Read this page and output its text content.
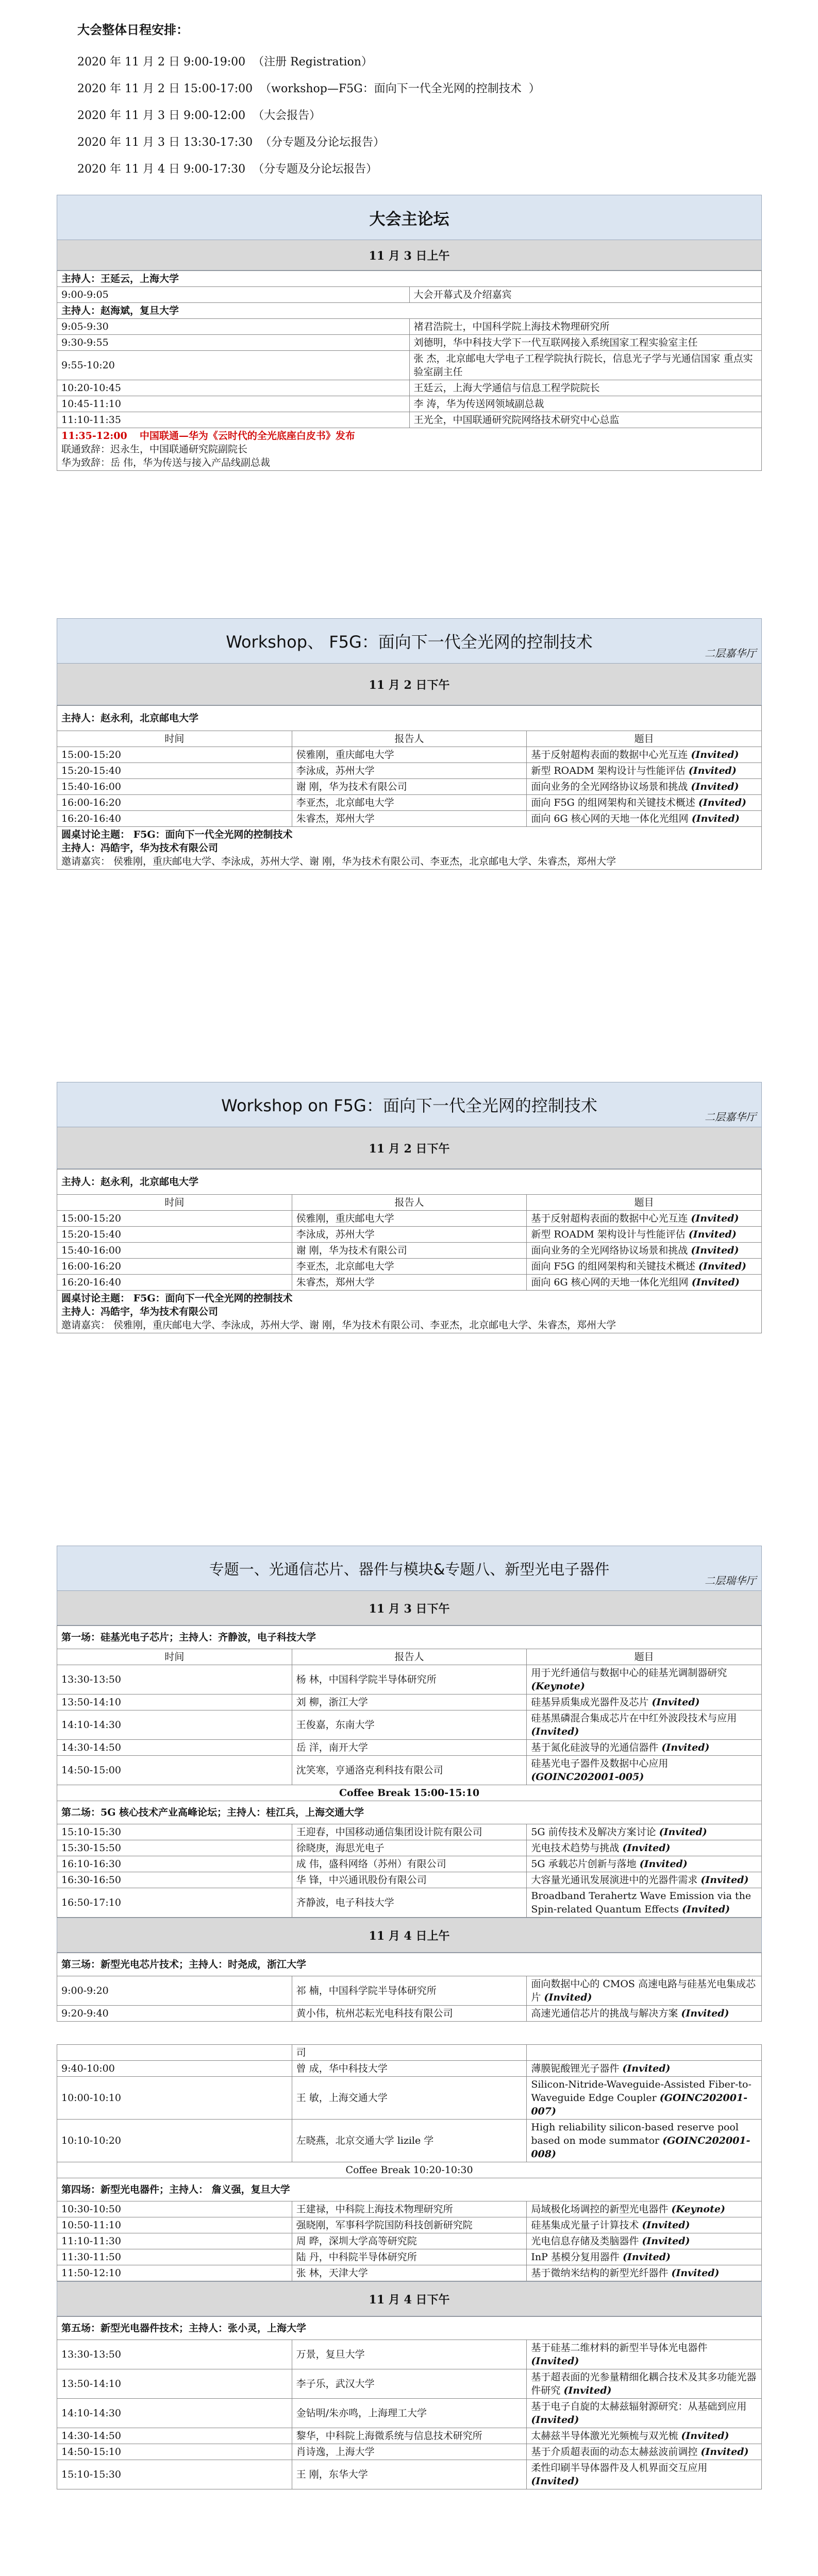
大会整体日程安排：
2020 年 11 月 2 日 9:00-19:00  （注册 Registration）
2020 年 11 月 2 日 15:00-17:00  （workshop—F5G：面向下一代全光网的控制技术  ）
2020 年 11 月 3 日 9:00-12:00  （大会报告）
2020 年 11 月 3 日 13:30-17:30  （分专题及分论坛报告）
2020 年 11 月 4 日 9:00-17:30  （分专题及分论坛报告）
大会主论坛
11 月 3 日上午
主持人：王延云，上海大学	
9:00-9:05	大会开幕式及介绍嘉宾
主持人：赵海斌，复旦大学	
9:05-9:30	褚君浩院士，中国科学院上海技术物理研究所
9:30-9:55	刘德明，华中科技大学下一代互联网接入系统国家工程实验室主任
9:55-10:20	张 杰，北京邮电大学电子工程学院执行院长，信息光子学与光通信国家 重点实验室副主任
10:20-10:45	王廷云，上海大学通信与信息工程学院院长
10:45-11:10	李 涛，华为传送网领域副总裁
11:10-11:35	王光全，中国联通研究院网络技术研究中心总监
11:35-12:00 中国联通—华为《云时代的全光底座白皮书》发布
联通致辞：迟永生，中国联通研究院副院长
华为致辞：岳 伟，华为传送与接入产品线副总裁	
Workshop、 F5G：面向下一代全光网的控制技术
二层嘉华厅
11 月 2 日下午
主持人：赵永利，北京邮电大学		
时间	报告人	题目
15:00-15:20	侯雅刚，重庆邮电大学	基于反射超构表面的数据中心光互连 (Invited)
15:20-15:40	李泳成，苏州大学	新型 ROADM 架构设计与性能评估 (Invited)
15:40-16:00	谢 刚，华为技术有限公司	面向业务的全光网络协议场景和挑战 (Invited)
16:00-16:20	李亚杰，北京邮电大学	面向 F5G 的组网架构和关键技术概述 (Invited)
16:20-16:40	朱睿杰，郑州大学	面向 6G 核心网的天地一体化光组网 (Invited)

圆桌讨论主题： F5G：面向下一代全光网的控制技术
主持人：冯皓宇，华为技术有限公司
邀请嘉宾： 侯雅刚，重庆邮电大学、李泳成，苏州大学、谢 刚，华为技术有限公司、李亚杰，北京邮电大学、朱睿杰，郑州大学		
Workshop on F5G：面向下一代全光网的控制技术
二层嘉华厅
11 月 2 日下午
主持人：赵永利，北京邮电大学		
时间	报告人	题目
15:00-15:20	侯雅刚，重庆邮电大学	基于反射超构表面的数据中心光互连 (Invited)
15:20-15:40	李泳成，苏州大学	新型 ROADM 架构设计与性能评估 (Invited)
15:40-16:00	谢 刚，华为技术有限公司	面向业务的全光网络协议场景和挑战 (Invited)
16:00-16:20	李亚杰，北京邮电大学	面向 F5G 的组网架构和关键技术概述 (Invited)
16:20-16:40	朱睿杰，郑州大学	面向 6G 核心网的天地一体化光组网 (Invited)

圆桌讨论主题： F5G：面向下一代全光网的控制技术
主持人：冯皓宇，华为技术有限公司
邀请嘉宾： 侯雅刚，重庆邮电大学、李泳成，苏州大学、谢 刚，华为技术有限公司、李亚杰，北京邮电大学、朱睿杰，郑州大学		
专题一、光通信芯片、器件与模块&专题八、新型光电子器件
二层瑞华厅
11 月 3 日下午
第一场：硅基光电子芯片；主持人：齐静波，电子科技大学		
时间	报告人	题目
13:30-13:50	杨 林，中国科学院半导体研究所	用于光纤通信与数据中心的硅基光调制器研究 (Keynote)
13:50-14:10	刘 柳，浙江大学	硅基异质集成光器件及芯片 (Invited)
14:10-14:30	王俊嘉，东南大学	硅基黑磷混合集成芯片在中红外波段技术与应用 (Invited)
14:30-14:50	岳 洋，南开大学	基于氮化硅波导的光通信器件 (Invited)
14:50-15:00	沈笑寒，亨通洛克利科技有限公司	硅基光电子器件及数据中心应用 (GOINC202001-005)
Coffee Break 15:00-15:10		
第二场：5G 核心技术产业高峰论坛；主持人：桂江兵，上海交通大学		
15:10-15:30	王迎春，中国移动通信集团设计院有限公司	5G 前传技术及解决方案讨论 (Invited)
15:30-15:50	徐晓庚，海思光电子	光电技术趋势与挑战 (Invited)
16:10-16:30	成 伟，盛科网络（苏州）有限公司	5G 承载芯片创新与落地 (Invited)
16:30-16:50	华 锋，中兴通讯股份有限公司	大容量光通讯发展演进中的光器件需求 (Invited)
16:50-17:10	齐静波，电子科技大学	Broadband Terahertz Wave Emission via the Spin-related Quantum Effects (Invited)
11 月 4 日上午
第三场：新型光电芯片技术；主持人：时尧成，浙江大学		
9:00-9:20	祁 楠，中国科学院半导体研究所	面向数据中心的 CMOS 高速电路与硅基光电集成芯片 (Invited)
9:20-9:40	黄小伟，杭州芯耘光电科技有限公司	高速光通信芯片的挑战与解决方案 (Invited)

	司	
9:40-10:00	曾 成，华中科技大学	薄膜铌酸锂光子器件 (Invited)
10:00-10:10	王 敏，上海交通大学	Silicon-Nitride-Waveguide-Assisted Fiber-to-Waveguide Edge Coupler (GOINC202001-007)
10:10-10:20	左晓燕，北京交通大学 lizile 学	High reliability silicon-based reserve pool based on mode summator (GOINC202001-008)
Coffee Break 10:20-10:30		
第四场：新型光电器件；主持人： 詹义强，复旦大学		
10:30-10:50	王建禄，中科院上海技术物理研究所	局域极化场调控的新型光电器件 (Keynote)
10:50-11:10	强晓刚，军事科学院国防科技创新研究院	硅基集成光量子计算技术 (Invited)
11:10-11:30	周 晔，深圳大学高等研究院	光电信息存储及类脑器件 (Invited)
11:30-11:50	陆 丹，中科院半导体研究所	InP 基模分复用器件 (Invited)
11:50-12:10	张 林，天津大学	基于微纳米结构的新型光纤器件 (Invited)
11 月 4 日下午
第五场：新型光电器件技术；主持人：张小灵，上海大学		
13:30-13:50	万景，复旦大学	基于硅基二维材料的新型半导体光电器件 (Invited)
13:50-14:10	李子乐，武汉大学	基于超表面的光参量精细化耦合技术及其多功能光器件研究 (Invited)
14:10-14:30	金钻明/朱亦鸣，上海理工大学	基于电子自旋的太赫兹辐射源研究：从基础到应用 (Invited)
14:30-14:50	黎华，中科院上海微系统与信息技术研究所	太赫兹半导体激光光频梳与双光梳 (Invited)
14:50-15:10	肖诗逸，上海大学	基于介质超表面的动态太赫兹波前调控 (Invited)
15:10-15:30	王 刚，东华大学	柔性印刷半导体器件及人机界面交互应用 (Invited)
